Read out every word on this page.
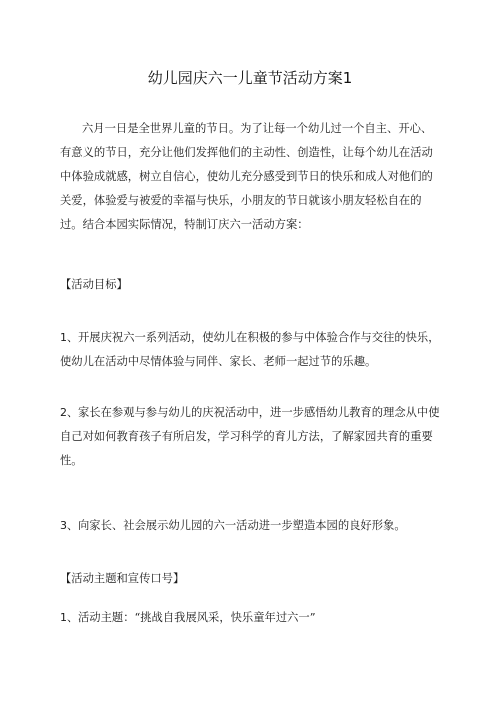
幼儿园庆六一儿童节活动方案1

六月一日是全世界儿童的节日。为了让每一个幼儿过一个自主、开心、有意义的节日，充分让他们发挥他们的主动性、创造性，让每个幼儿在活动中体验成就感，树立自信心，使幼儿充分感受到节日的快乐和成人对他们的关爱，体验爱与被爱的幸福与快乐，小朋友的节日就该小朋友轻松自在的过。结合本园实际情况，特制订庆六一活动方案：

【活动目标】

1、开展庆祝六一系列活动，使幼儿在积极的参与中体验合作与交往的快乐，使幼儿在活动中尽情体验与同伴、家长、老师一起过节的乐趣。

2、家长在参观与参与幼儿的庆祝活动中，进一步感悟幼儿教育的理念从中使自己对如何教育孩子有所启发，学习科学的育儿方法，了解家园共育的重要性。

3、向家长、社会展示幼儿园的六一活动进一步塑造本园的良好形象。

【活动主题和宣传口号】

1、活动主题：“挑战自我展风采，快乐童年过六一”
